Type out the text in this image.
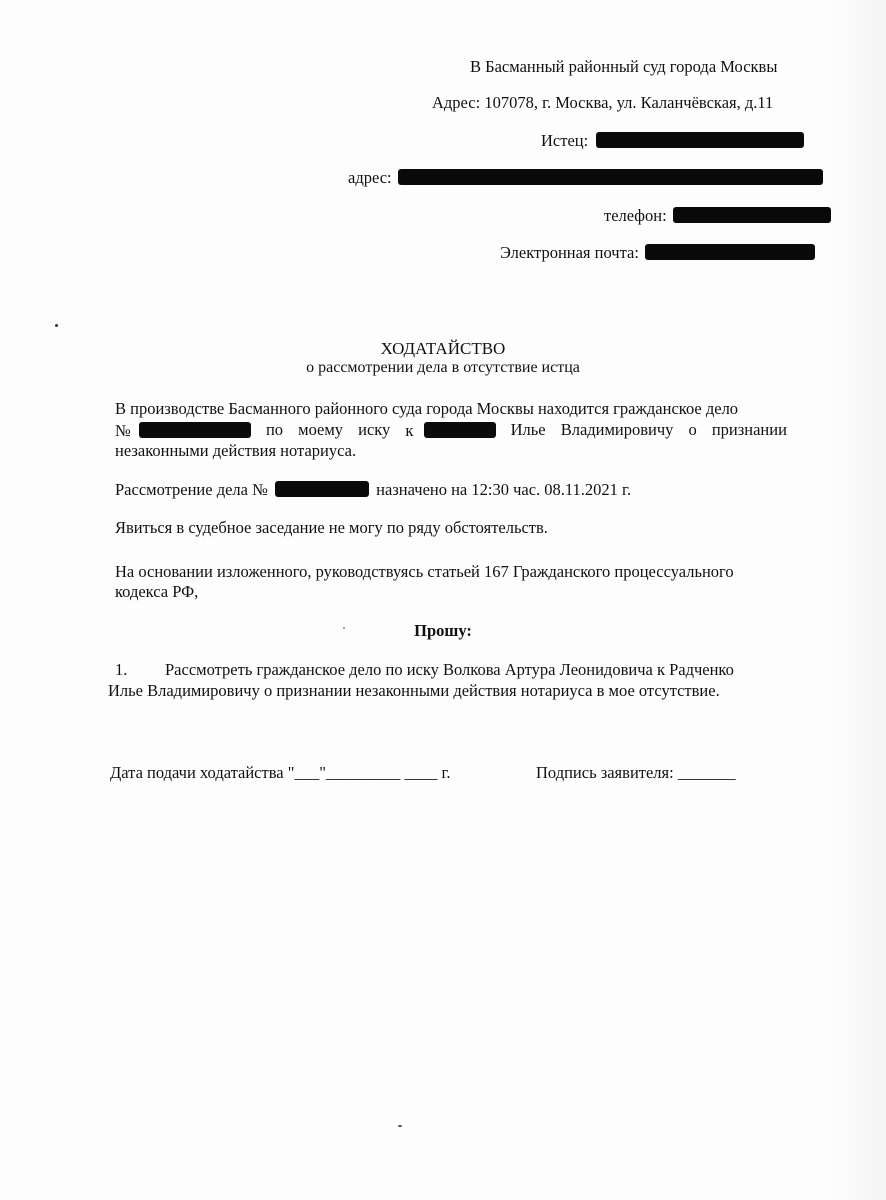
В Басманный районный суд города Москвы
Адрес: 107078, г. Москва, ул. Каланчёвская, д.11
Истец:
адрес:
телефон:
Электронная почта:
ХОДАТАЙСТВО
о рассмотрении дела в отсутствие истца
В производстве Басманного районного суда города Москвы находится гражданское дело
№	по моему иску к	Илье Владимировичу о признании
незаконными действия нотариуса.
Рассмотрение дела №	назначено на 12:30 час. 08.11.2021 г.
Явиться в судебное заседание не могу по ряду обстоятельств.
На основании изложенного, руководствуясь статьей 167 Гражданского процессуального
кодекса РФ,
Прошу:
1. Рассмотреть гражданское дело по иску Волкова Артура Леонидовича к Радченко
Илье Владимировичу о признании незаконными действия нотариуса в мое отсутствие.
Дата подачи ходатайства "___"_________ ____ г.	Подпись заявителя: _______
